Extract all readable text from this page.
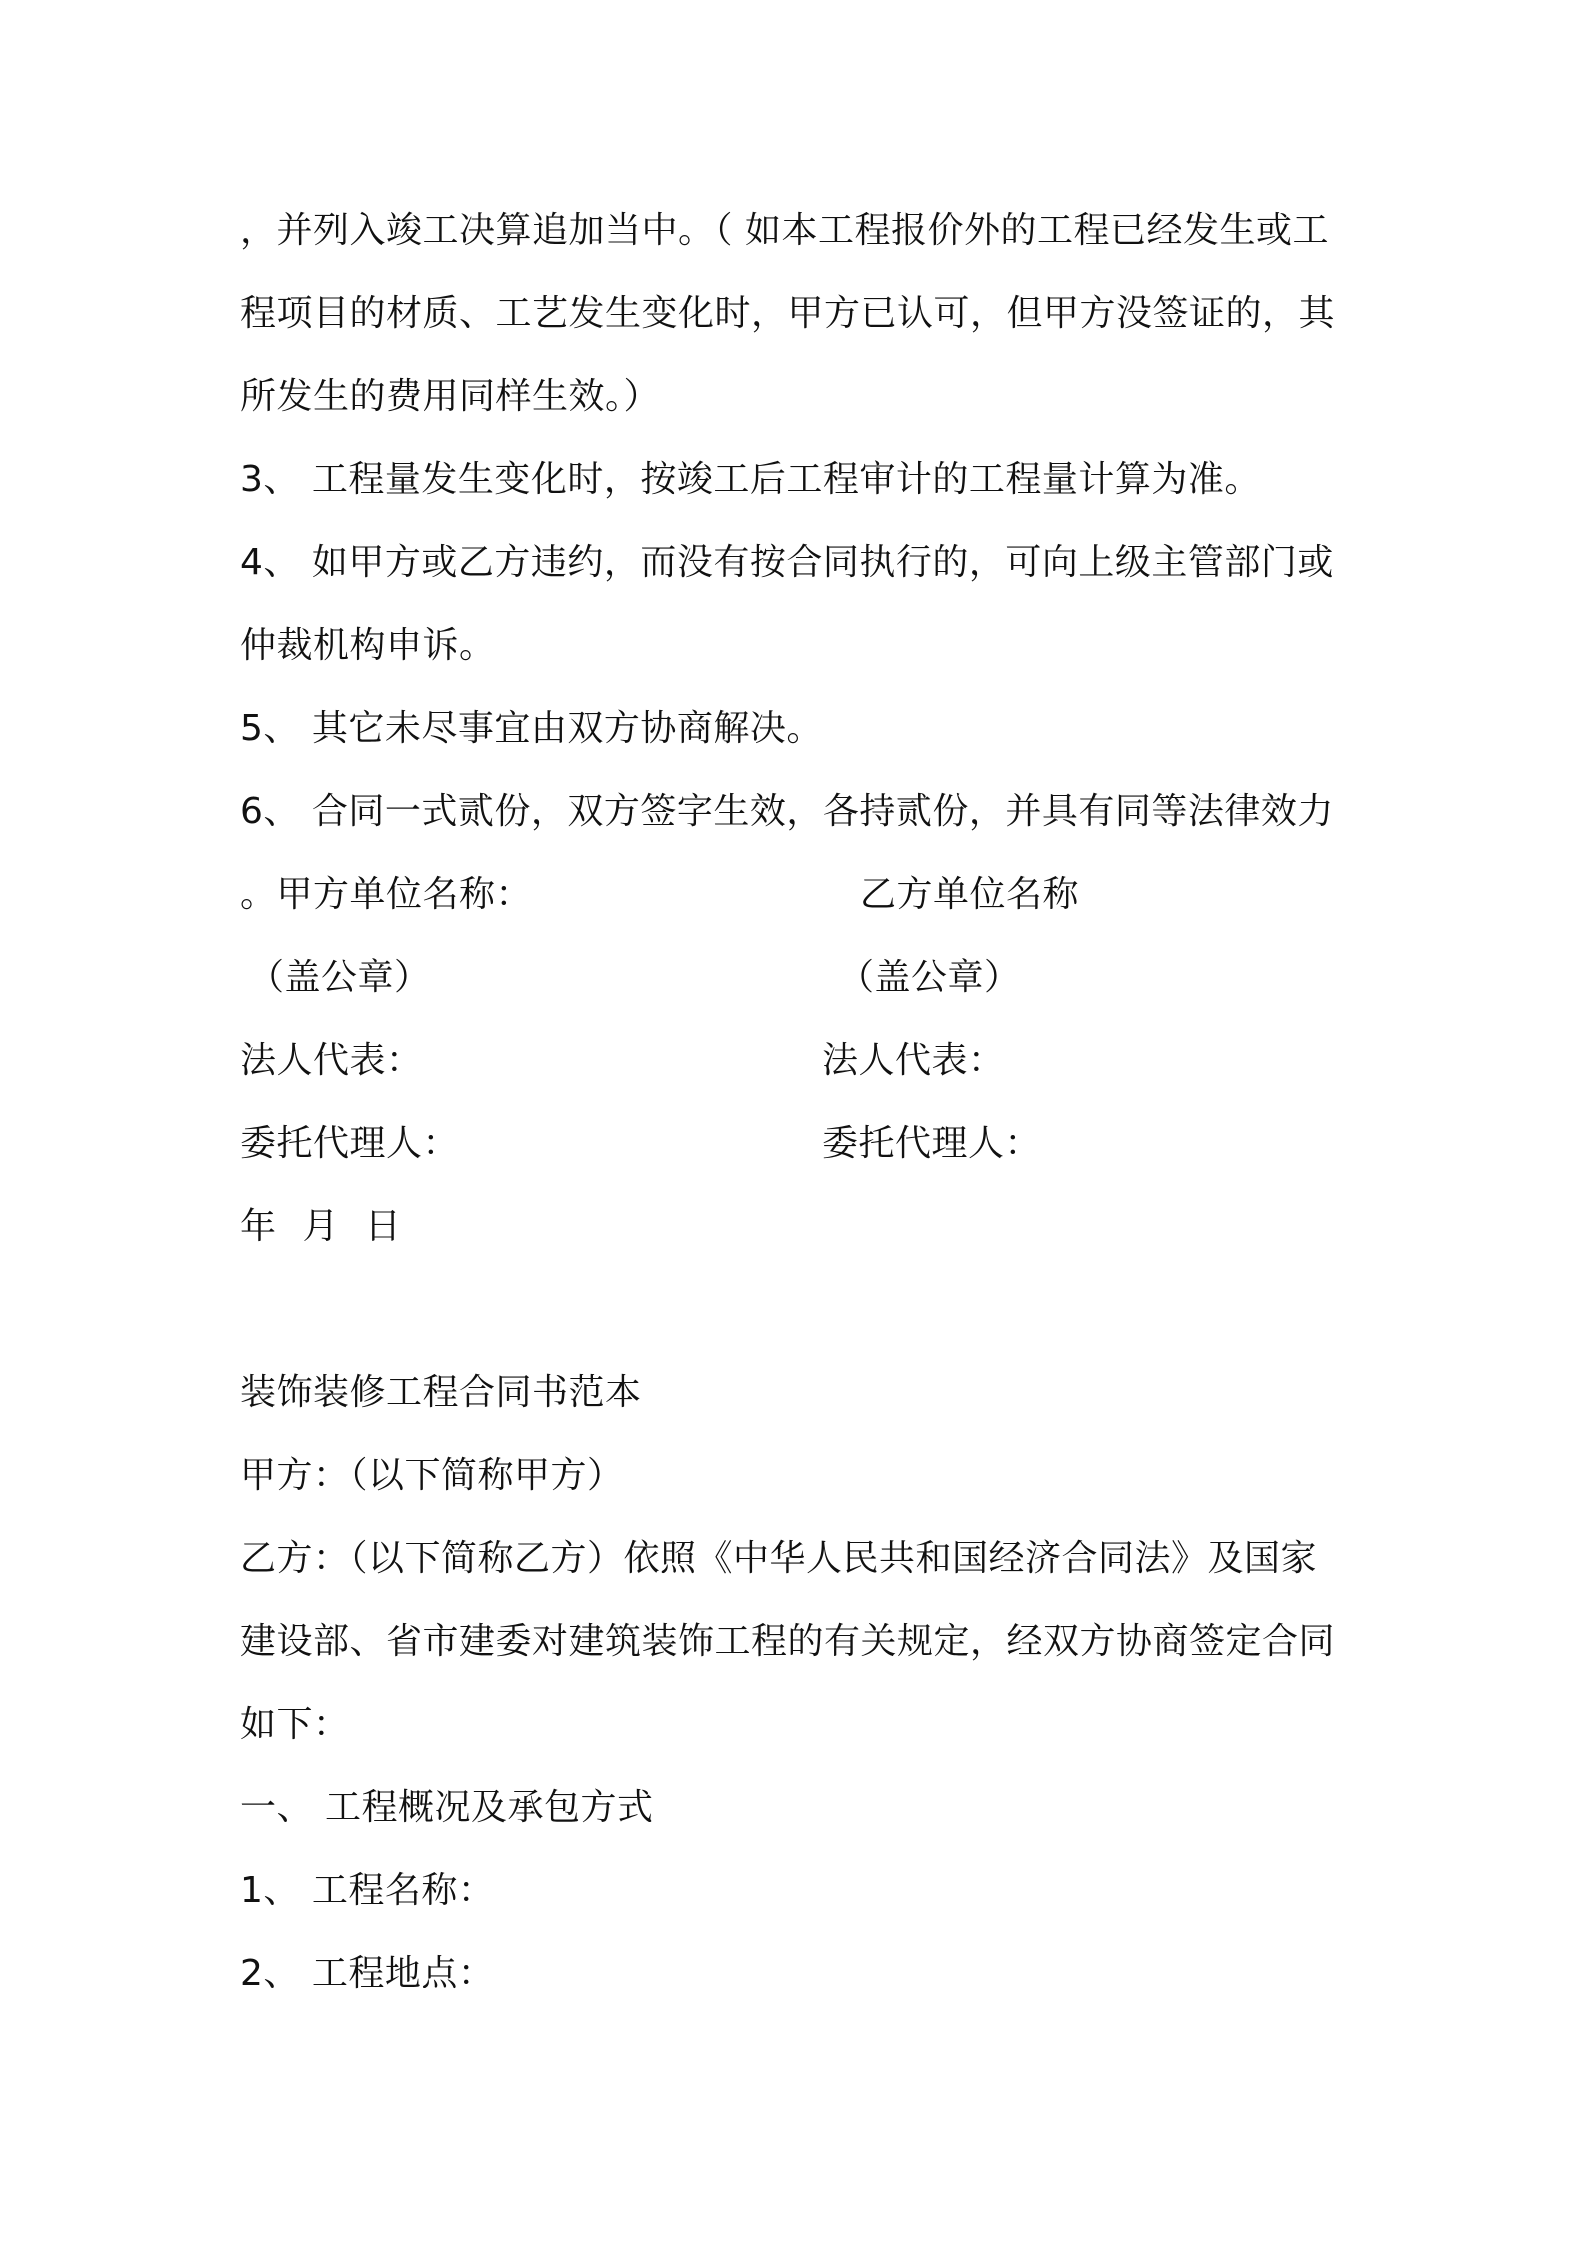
，并列入竣工决算追加当中。（ 如本工程报价外的工程已经发生或工
程项目的材质、工艺发生变化时，甲方已认可，但甲方没签证的，其
所发生的费用同样生效。）
3、 工程量发生变化时，按竣工后工程审计的工程量计算为准。
4、 如甲方或乙方违约，而没有按合同执行的，可向上级主管部门或
仲裁机构申诉。
5、 其它未尽事宜由双方协商解决。
6、 合同一式贰份，双方签字生效，各持贰份，并具有同等法律效力
。甲方单位名称：	乙方单位名称
（盖公章）	（盖公章）
法人代表：	法人代表：
委托代理人：	委托代理人：
年 月 日
装饰装修工程合同书范本
甲方：（以下简称甲方）
乙方：（以下简称乙方）依照《中华人民共和国经济合同法》及国家
建设部、省市建委对建筑装饰工程的有关规定，经双方协商签定合同
如下：
一、 工程概况及承包方式
1、 工程名称：
2、 工程地点：
